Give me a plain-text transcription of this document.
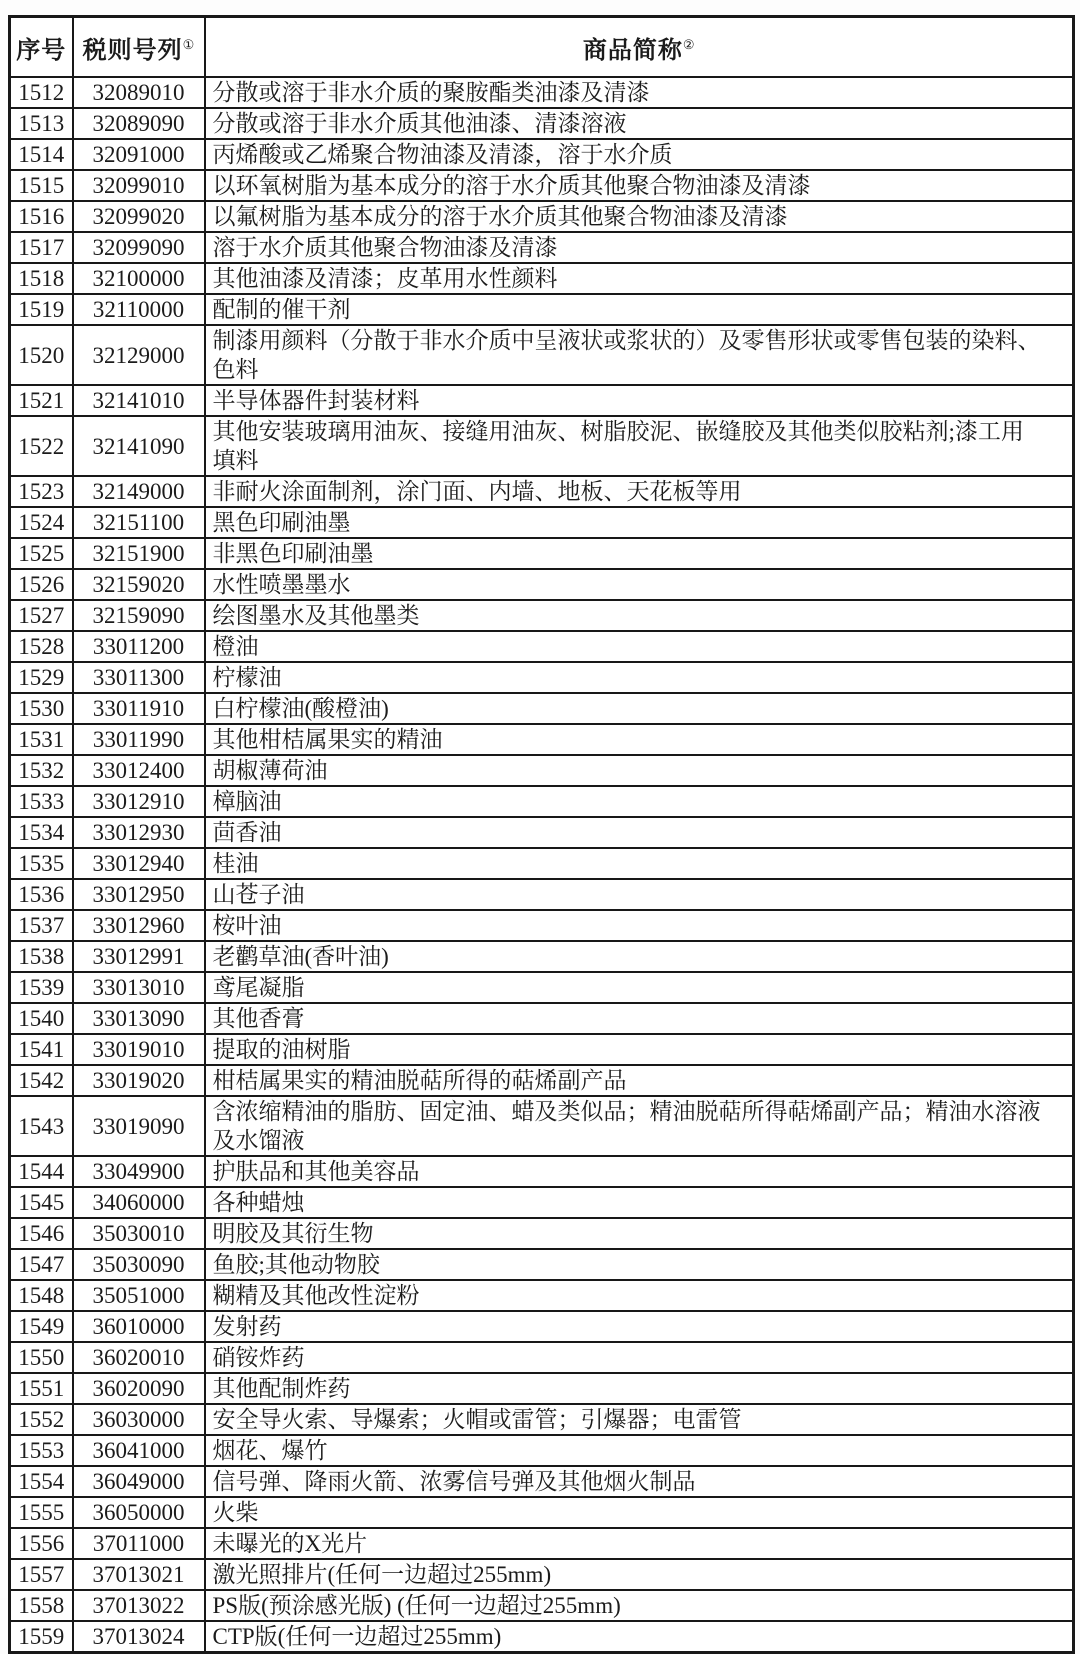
序号	税则号列①	商品简称②
1512	32089010	分散或溶于非水介质的聚胺酯类油漆及清漆
1513	32089090	分散或溶于非水介质其他油漆、清漆溶液
1514	32091000	丙烯酸或乙烯聚合物油漆及清漆，溶于水介质
1515	32099010	以环氧树脂为基本成分的溶于水介质其他聚合物油漆及清漆
1516	32099020	以氟树脂为基本成分的溶于水介质其他聚合物油漆及清漆
1517	32099090	溶于水介质其他聚合物油漆及清漆
1518	32100000	其他油漆及清漆；皮革用水性颜料
1519	32110000	配制的催干剂
1520	32129000	制漆用颜料（分散于非水介质中呈液状或浆状的）及零售形状或零售包装的染料、色料
1521	32141010	半导体器件封装材料
1522	32141090	其他安装玻璃用油灰、接缝用油灰、树脂胶泥、嵌缝胶及其他类似胶粘剂;漆工用填料
1523	32149000	非耐火涂面制剂，涂门面、内墙、地板、天花板等用
1524	32151100	黑色印刷油墨
1525	32151900	非黑色印刷油墨
1526	32159020	水性喷墨墨水
1527	32159090	绘图墨水及其他墨类
1528	33011200	橙油
1529	33011300	柠檬油
1530	33011910	白柠檬油(酸橙油)
1531	33011990	其他柑桔属果实的精油
1532	33012400	胡椒薄荷油
1533	33012910	樟脑油
1534	33012930	茴香油
1535	33012940	桂油
1536	33012950	山苍子油
1537	33012960	桉叶油
1538	33012991	老鹳草油(香叶油)
1539	33013010	鸢尾凝脂
1540	33013090	其他香膏
1541	33019010	提取的油树脂
1542	33019020	柑桔属果实的精油脱萜所得的萜烯副产品
1543	33019090	含浓缩精油的脂肪、固定油、蜡及类似品；精油脱萜所得萜烯副产品；精油水溶液及水馏液
1544	33049900	护肤品和其他美容品
1545	34060000	各种蜡烛
1546	35030010	明胶及其衍生物
1547	35030090	鱼胶;其他动物胶
1548	35051000	糊精及其他改性淀粉
1549	36010000	发射药
1550	36020010	硝铵炸药
1551	36020090	其他配制炸药
1552	36030000	安全导火索、导爆索；火帽或雷管；引爆器；电雷管
1553	36041000	烟花、爆竹
1554	36049000	信号弹、降雨火箭、浓雾信号弹及其他烟火制品
1555	36050000	火柴
1556	37011000	未曝光的X光片
1557	37013021	激光照排片(任何一边超过255mm)
1558	37013022	PS版(预涂感光版) (任何一边超过255mm)
1559	37013024	CTP版(任何一边超过255mm)
